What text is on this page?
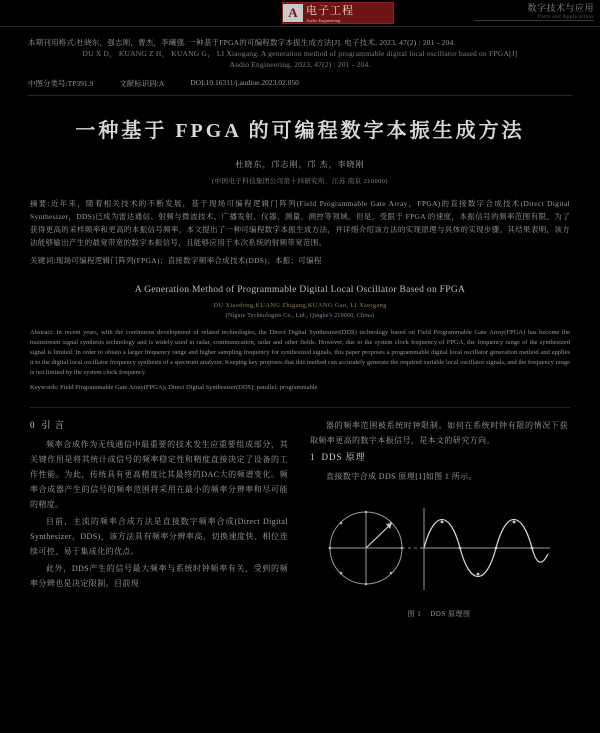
A 电子工程
Audio Engineering
数字技术与应用
Parts and Applications
本期刊用格式:杜晓东，强志刚，曹杰，李曦强. 一种基于FPGA的可编程数字本振生成方法[J]. 电子技术, 2023, 47(2) : 201 - 204.
DU X D， KUANG Z H， KUANG G， LI Xiaogang. A generation method of programmable digital local oscillator based on FPGA[J]
Audio Engineering, 2023, 47(2) : 201 - 204.
中图分类号:TP391.9	文献标识码:A	DOI:10.16311/j.audioe.2023.02.050
一种基于 FPGA 的可编程数字本振生成方法
杜晓东，邝志刚，邝 杰，李晓刚
(中国电子科技集团公司第十四研究所，江苏 南京 210000)
摘要:近年来，随着相关技术的不断发展，基于现场可编程逻辑门阵列(Field Programmable Gate Array，FPGA)的直接数字合成技术(Direct Digital Synthesizer，DDS)已成为雷达通信、射频与微波技术、广播发射、仪器、测量、测控等领域。但是，受限于 FPGA 的速度，本振信号的频率范围有限。为了获得更高的采样频率和更高的本振信号频率，本文提出了一种可编程数字本振生成方法，并详细介绍该方法的实现原理与具体的实现步骤。其结果表明，该方法能够输出产生的最宽带宽的数字本振信号，且能够应用于本次系统的射频带宽范围。
关键词:现场可编程逻辑门阵列(FPGA)；直接数字频率合成技术(DDS)；本振；可编程
A Generation Method of Programmable Digital Local Oscillator Based on FPGA
DU Xiaodong,KUANG Zhigang,KUANG Gao, LI Xiaogang
(Nlgure Technologies Co., Ltd., Qinghe's 210000, China)
Abstract: In recent years, with the continuous development of related technologies, the Direct Digital Synthesizer(DDS) technology based on Field Programmable Gate Array(FPGA) has become the mainstream signal synthesis technology and is widely used in radar, communication, radar and other fields. However, due to the system clock frequency of FPGA, the frequency range of the synthesized signal is limited. In order to obtain a larger frequency range and higher sampling frequency for synthesized signals, this paper proposes a programmable digital local oscillator generation method and applies it to the digital local oscillator frequency synthesis of a spectrum analyzer. Keeping key proposes that this method can accurately generate the required variable local oscillator signals, and the frequency range is not limited by the system clock frequency.
Keywords: Field Programmable Gate Array(FPGA); Direct Digital Synthesizer(DDS); parallel; programmable
0 引 言

频率合成作为无线通信中最重要的技术发生应重要组成部分，其关键作用是将其统计成信号的频率稳定性和精度直接决定了设备的工作性能。为此，传统具有更高精度比其最终的DAC大的频谱变化。频率合成器产生的信号的频率范围将采用在最小的频率分辨率和尽可能的精度。

目前，主流的频率合成方法是直接数字频率合成(Direct Digital Synthesizer，DDS)，该方法具有频率分辨率高、切换速度快、相位连续可控、易于集成化的优点。

此外，DDS产生的信号最大频率与系统时钟频率有关，受到的频率分辨也是决定限制。目前现

器的频率范围被系统时钟限制。如何在系统时钟有限的情况下获取频率更高的数字本振信号，是本文的研究方向。

1 DDS 原理

直接数字合成 DDS 原理[1]如图 1 所示。

图 1 DDS 原理图
